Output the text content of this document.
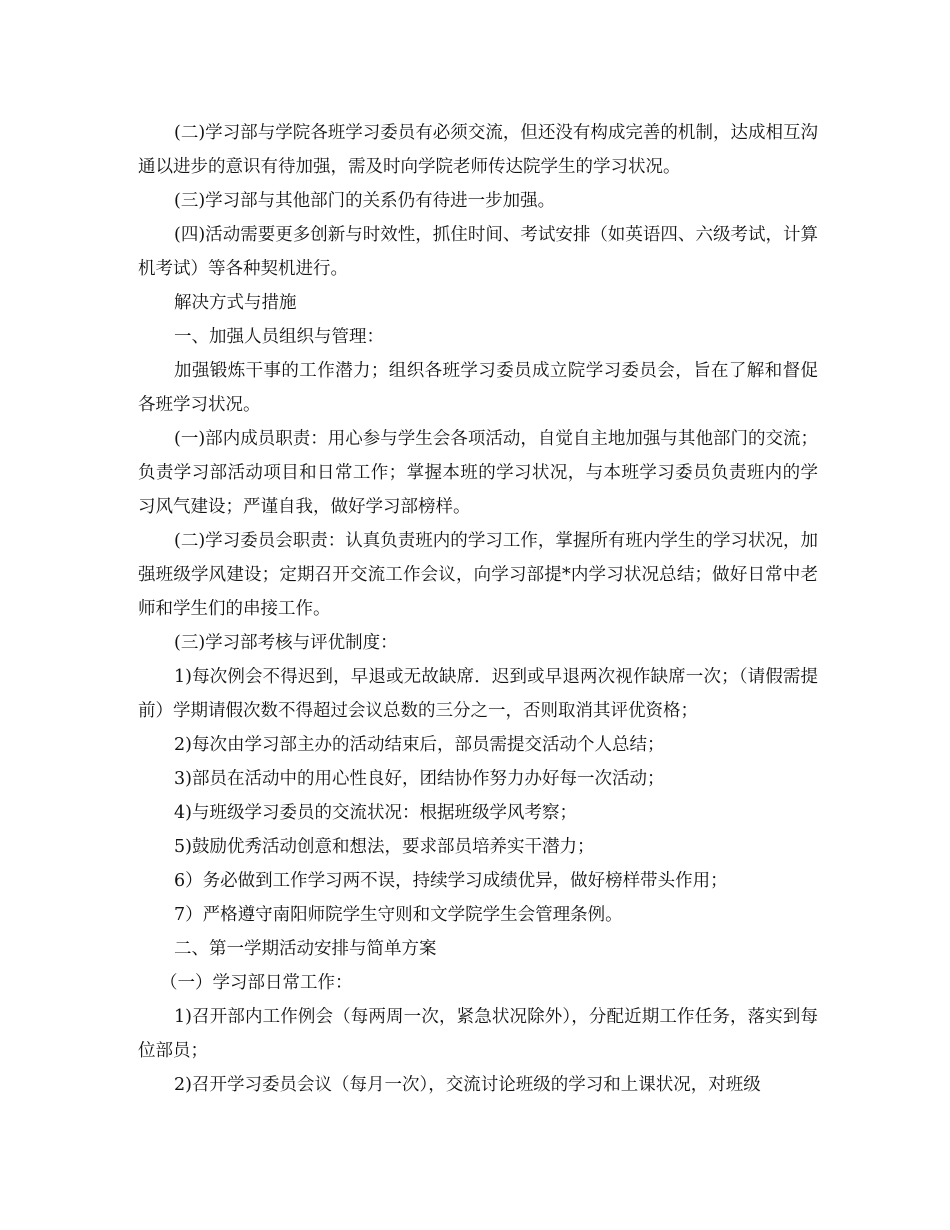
(二)学习部与学院各班学习委员有必须交流，但还没有构成完善的机制，达成相互沟通以进步的意识有待加强，需及时向学院老师传达院学生的学习状况。

(三)学习部与其他部门的关系仍有待进一步加强。

(四)活动需要更多创新与时效性，抓住时间、考试安排（如英语四、六级考试，计算机考试）等各种契机进行。

解决方式与措施

一、加强人员组织与管理：

加强锻炼干事的工作潜力；组织各班学习委员成立院学习委员会，旨在了解和督促各班学习状况。

(一)部内成员职责：用心参与学生会各项活动，自觉自主地加强与其他部门的交流；负责学习部活动项目和日常工作；掌握本班的学习状况，与本班学习委员负责班内的学习风气建设；严谨自我，做好学习部榜样。

(二)学习委员会职责：认真负责班内的学习工作，掌握所有班内学生的学习状况，加强班级学风建设；定期召开交流工作会议，向学习部提*内学习状况总结；做好日常中老师和学生们的串接工作。

(三)学习部考核与评优制度：

1)每次例会不得迟到，早退或无故缺席．迟到或早退两次视作缺席一次；（请假需提前）学期请假次数不得超过会议总数的三分之一，否则取消其评优资格；

2)每次由学习部主办的活动结束后，部员需提交活动个人总结；

3)部员在活动中的用心性良好，团结协作努力办好每一次活动；

4)与班级学习委员的交流状况：根据班级学风考察；

5)鼓励优秀活动创意和想法，要求部员培养实干潜力；

6）务必做到工作学习两不误，持续学习成绩优异，做好榜样带头作用；

7）严格遵守南阳师院学生守则和文学院学生会管理条例。

二、第一学期活动安排与简单方案

（一）学习部日常工作：

1)召开部内工作例会（每两周一次，紧急状况除外），分配近期工作任务，落实到每位部员；

2)召开学习委员会议（每月一次），交流讨论班级的学习和上课状况，对班级
